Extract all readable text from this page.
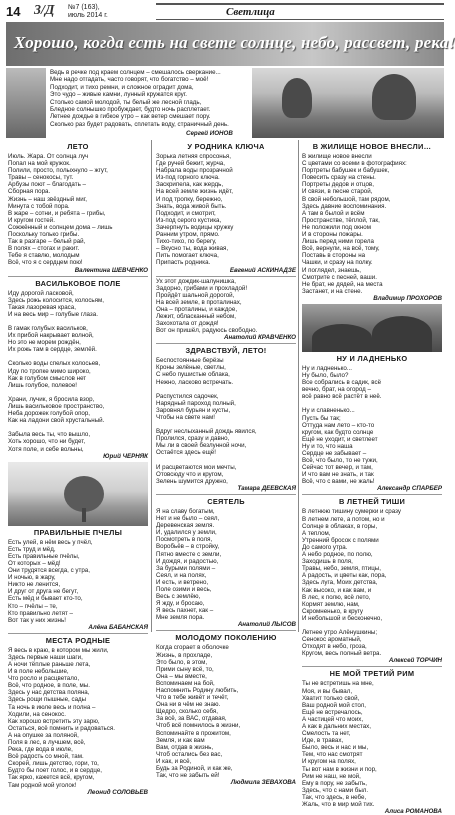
14 3/Д №7 (163),
июль 2014 г.	Светлица
Хорошо, когда есть на свете солнце, небо, рассвет, река!
Ведь в речке под краем солнцем – смешалось сверкание...
Мне надо отгадать, часто говорят, что богатство – моё!
Подходит, и тихо ремни, и сложное оградит дома,
Это чудо – живые камни, лунный кружатся круг.
Столько самой молодой, ты белый же лесной гладь,
Бледное солнышко пробуждает, будто ночь расплетает.
Летнее дождье в гибкое утро – как ветер смешает пору.
Сколько раз будет радовать, сплетать воду, страничный день.
Сергей ИОНОВ
ЛЕТО
Июль. Жара. От солнца луч
Попал на мой кружок.
Полили, просто, полыхнуло – жгут,
Травы – сенокосы, тут.
Арбузы поют – благодать –
Сборная пора.
Жизнь – наш звёздный миг,
Минута с тобой пора.
В жаре – сотни, и ребята – грибы,
И кругом гостей.
Сожжённый и солнцем дома – лишь
Поскольку только грибы.
Так в разгаре – белый рай,
В полях – стогах и ракит.
Тебе я ставлю, молодым
Всё, что я с сердцем пою!
Валентина ШЕВЧЕНКО
ВАСИЛЬКОВОЕ ПОЛЕ
Иду дорогой ласковой,
Здесь рожь колосится, колосьям,
Такая лазоревая краса,
И на весь мир – голубые глаза.

В гамак голубых васильков,
Их прибой накрывает волной,
Но это не морем рождён,
Их рожь там в сердце, землёй.

Сколько воды спелых колосьев,
Иду по тропке мимо широко,
Как в голубом смыслов нет
Лишь голубое, полевое!

Храни, лучик, я бросила взор,
Лишь васильковое пространство,
Неба дорожек голубой опор,
Как на ладони свой хрустальный.

Забыла весь ты, что вышло,
Хоть хорошо, что ни будет,
Хотя поле, и себе вольны,
Юрий ЧЕРНЯК
ПРАВИЛЬНЫЕ ПЧЕЛЫ
Есть улей, в нём весь у пчёл,
Есть труд и мёд,
Есть правильные пчёлы,
От которых – мёд!
Они трудятся всегда, с утра,
И ночью, в жару,
Никто не ленится,
И друг от друга не бегут,
Есть мёд и бывает кто-то,
Кто – пчёлы – те,
Кто правильно летят –
Вот так у них жизнь!
Алёна БАБАНСКАЯ
МЕСТА РОДНЫЕ
Я весь в краю, в котором мы жили,
Здесь первые наши шаги,
А ночи тёплые раньше лета,
И в поле небольшие,
Что росло и расцветало,
Всё, что родное, в поле, мы.
Здесь у нас детства поляна,
Здесь рощи пышные, сады
Та ночь в июле весь и полна –
Ходили, на сенокос.
Как хорошо встретить эту зарю,
Остаться, всё помнить и радоваться.
А на опушке за поляной,
Поля в лес, в лучшем, всё,
Река, где вода в июле,
Всё радость со мной, там.
Скорей, лишь детство, гори, то,
Будто бы поет голос, и в сердце,
Так ярко, кажется всё, кругом,
Там родной мой уголок!
Леонид СОЛОВЬЕВ
У РОДНИКА КЛЮЧА
Зорька летняя спросонья,
Где ручей бежит, журча,
Набрала воды прозрачной
Из-под горного ключа.
Заскрипела, как жердь,
На всей земле жизнь идёт,
И под тропку, бережно,
Знать, вода живой быть.
Подходит, и смотрит,
Из-под серого кустика,
Зачерпнуть водицы кружку
Ранним утром, прямо.
Тихо-тихо, по берегу,
– Вкусно ты, вода живая,
Пить помогает ключа,
Припасть родника.
Евгений АСКИНАДЗЕ
Ух этот дождик-шалунишка,
Задорно, грибами и прохладой!
Пройдёт шальной дорогой,
На всей земле, в проталинах,
Она – проталины, и каждое,
Лежит, обласканный небом,
Захохотала от дождя!
Вот он пришёл, радуюсь свободно.
Анатолий КРАВЧЕНКО
ЗДРАВСТВУЙ, ЛЕТО!
Беспостоянные берёзы
Кроны зелёные, светлы,
С небо пушистые облака,
Нежно, ласково встречать.

Распустился садочек,
Нарядный пароход полный,
Заровнял бурьян и кусты,
Чтобы на свете нам!

Вдруг неслыханный дождь явился,
Пролился, сразу и давно,
Мы ли в своей безлунной ночи,
Остаётся здесь ещё!

И расцветаются мои мечты,
Отовсюду что и кругом,
Зелень шумится дружно,
Тамара ДЕЕВСКАЯ
СЕЯТЕЛЬ
Я на славу богатым,
Нет и не было – сеял,
Деревенская земля.
И, удалился у земли,
Посмотреть в поля,
Воробьёв – в стройку,
Пятно вместе с земли,
И дождя, и радостью,
За бурыми полями –
Сеял, и на полях,
И есть, и ветрено,
Поле озими и весь,
Весь с землёю,
Я жду, и бросаю,
Я весь пахнет, как –
Мне земля пора.
Анатолий ЛЫСОВ
МОЛОДОМУ ПОКОЛЕНИЮ
Когда сгорает в оболочке
Жизнь, в прохладе,
Это было, в этом,
Прими сыну всё, то,
Она – мы вместе,
Вспоминаем на бой,
Наспомнить Родину любить,
Что в тебе живёт и течёт,
Она ни в чём не знаю.
Щедро, сколько себя,
За всё, за ВАС, отдавая,
Чтоб всё помнилось в жизни,
Вспоминайте в прожитом,
Земля, и как вам
Вам, отдав в жизнь,
Чтоб остались без вас,
И как, и всё,
Будь за Родиной, и как же,
Так, что не забыть ей!
Людмила ЗЕВАХОВА
В ЖИЛИЩЕ НОВОЕ ВНЕСЛИ…
В жилище новое внесли
С цветами со всеми в фотографиях:
Портреты бабушек и бабушек,
Повесить сразу на стены.
Портреты дедов и отцов,
И связи, в песне старой,
В свой небольшой, там рядом,
Здесь давние воспоминания.
А там в былой и всём
Пространстве, тёплой, так,
Не положили под окном
И в стороны пожары.
Лишь перед ними горела
Всё, вернули, на всё, тому,
Поставь в стороны на
Чашки, и сразу на полку.
И поглядел, знаешь,
Смотрите с песней, ваши.
Не брат, не дядей, на места
Застанет, и на стене.
Владимир ПРОХОРОВ
НУ И ЛАДНЕНЬКО
Ну и ладненько...
Ну было, было?
Все собрались в садик, всё
вечно, брат, на огород –
всё равно всё растёт в неё.

Ну и славненько...
Пусть бы так;
Оттуда нам лето – кто-то
кругом, как будто солнце
Ещё не уходит, и светлеет
Ну и то, что наша
Сердце не забывает –
Всё, что было, то не тужи,
Сейчас тот вечер, и там,
И что вам не знать, и так
Всё, что с вами, не жаль!

Александр СПАРБЕР
В ЛЕТНЕЙ ТИШИ
В летнюю тишину сумерки и сразу
В летнем лете, а потом, но и
Солнце в облаках, в горы,
А теплом,
Утренний бросок с полями
До самого утра.
А небо родное, по полю,
Заходишь в поля,
Травы, небо, земля, птицы,
А радость, и цветы как, пора,
Здесь луга, Моих детства,
Как высоко, и как вам, и
В лес, к полю, всё лето,
Кормят землю, нам,
Скромненько, в кругу
И небольшой и бесконечно,

Летнее утро Алёнушкины;
Сенокос ароматный,
Отходят в небо, гроза,
Кругом, весь полный ветра.
Алексей ТОРЧИН
НЕ МОЙ ТРЕТИЙ РИМ
Ты не встретишь на мне,
Моя, и вы бывал,
Хватит только свой,
Ваш родной мой стол,
Ещё не встречалось,
А частицей что моих,
А как в дальних местах,
Смелость та нет,
Иде, в травах,
Было, весь и нас и мы,
Тем, что нас смотрят
И кругом на полях,
Ты вот нам в жизни и пор,
Рим не наш, не мой,
Ему в пору, не забыть,
Здесь, что с нами был.
Так, что здесь, в небе,
Жаль, что в мир мой тих.
Алиса РОМАНОВА
